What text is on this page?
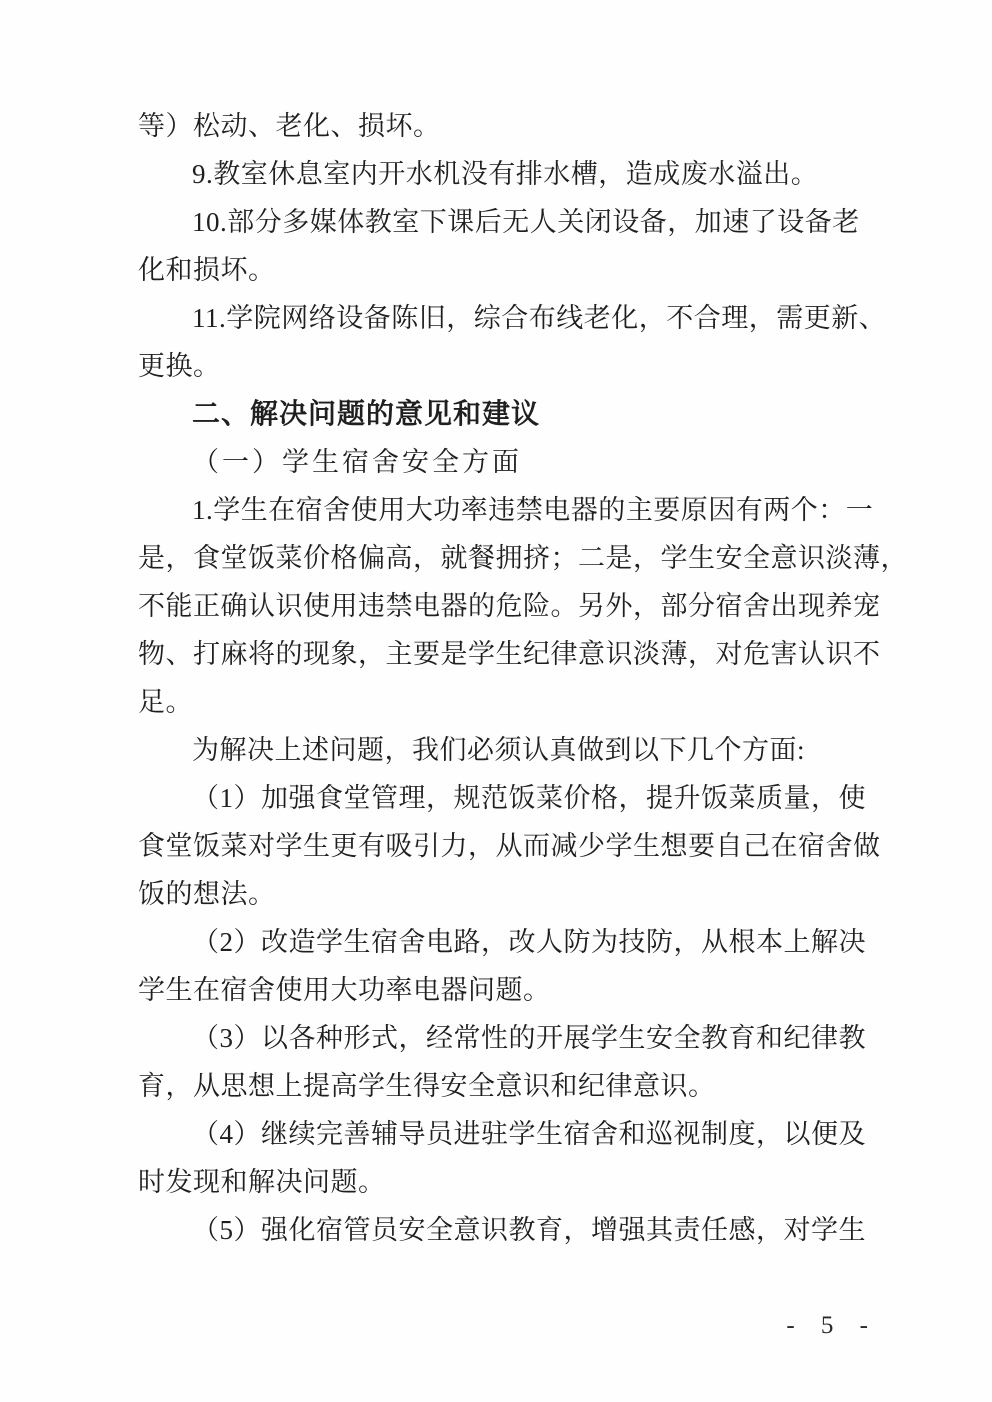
等）松动、老化、损坏。
9.教室休息室内开水机没有排水槽，造成废水溢出。
10.部分多媒体教室下课后无人关闭设备，加速了设备老
化和损坏。
11.学院网络设备陈旧，综合布线老化，不合理，需更新、
更换。
二、解决问题的意见和建议
（一）学生宿舍安全方面
1.学生在宿舍使用大功率违禁电器的主要原因有两个：一
是，食堂饭菜价格偏高，就餐拥挤；二是，学生安全意识淡薄，
不能正确认识使用违禁电器的危险。另外，部分宿舍出现养宠
物、打麻将的现象，主要是学生纪律意识淡薄，对危害认识不
足。
为解决上述问题，我们必须认真做到以下几个方面:
（1）加强食堂管理，规范饭菜价格，提升饭菜质量，使
食堂饭菜对学生更有吸引力，从而减少学生想要自己在宿舍做
饭的想法。
（2）改造学生宿舍电路，改人防为技防，从根本上解决
学生在宿舍使用大功率电器问题。
（3）以各种形式，经常性的开展学生安全教育和纪律教
育，从思想上提高学生得安全意识和纪律意识。
（4）继续完善辅导员进驻学生宿舍和巡视制度，以便及
时发现和解决问题。
（5）强化宿管员安全意识教育，增强其责任感，对学生
- 5 -
